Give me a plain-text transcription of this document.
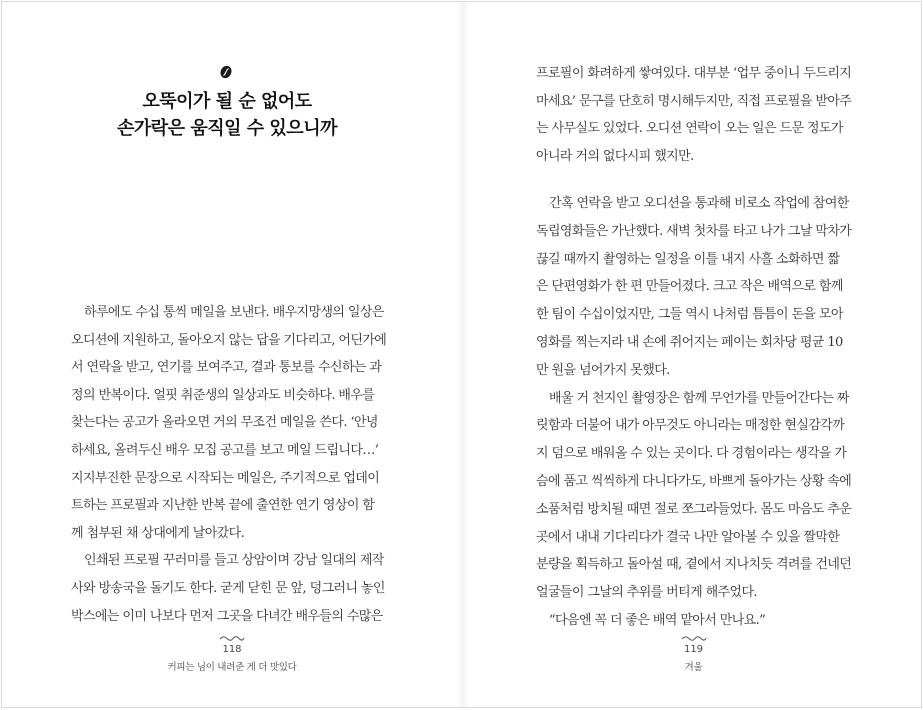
오뚝이가 될 순 없어도
손가락은 움직일 수 있으니까
하루에도 수십 통씩 메일을 보낸다. 배우지망생의 일상은
오디션에 지원하고, 돌아오지 않는 답을 기다리고, 어딘가에
서 연락을 받고, 연기를 보여주고, 결과 통보를 수신하는 과
정의 반복이다. 얼핏 취준생의 일상과도 비슷하다. 배우를
찾는다는 공고가 올라오면 거의 무조건 메일을 쓴다. ‘안녕
하세요, 올려두신 배우 모집 공고를 보고 메일 드립니다…’
지지부진한 문장으로 시작되는 메일은, 주기적으로 업데이
트하는 프로필과 지난한 반복 끝에 출연한 연기 영상이 함
께 첨부된 채 상대에게 날아갔다.
인쇄된 프로필 꾸러미를 들고 상암이며 강남 일대의 제작
사와 방송국을 돌기도 한다. 굳게 닫힌 문 앞, 덩그러니 놓인
박스에는 이미 나보다 먼저 그곳을 다녀간 배우들의 수많은
118
커피는 님이 내려준 게 더 맛있다
프로필이 화려하게 쌓여있다. 대부분 ‘업무 중이니 두드리지
마세요’ 문구를 단호히 명시해두지만, 직접 프로필을 받아주
는 사무실도 있었다. 오디션 연락이 오는 일은 드문 정도가
아니라 거의 없다시피 했지만.
간혹 연락을 받고 오디션을 통과해 비로소 작업에 참여한
독립영화들은 가난했다. 새벽 첫차를 타고 나가 그날 막차가
끊길 때까지 촬영하는 일정을 이틀 내지 사흘 소화하면 짧
은 단편영화가 한 편 만들어졌다. 크고 작은 배역으로 함께
한 팀이 수십이었지만, 그들 역시 나처럼 틈틈이 돈을 모아
영화를 찍는지라 내 손에 쥐어지는 페이는 회차당 평균 10
만 원을 넘어가지 못했다.
배울 거 천지인 촬영장은 함께 무언가를 만들어간다는 짜
릿함과 더불어 내가 아무것도 아니라는 매정한 현실감각까
지 덤으로 배워올 수 있는 곳이다. 다 경험이라는 생각을 가
슴에 품고 씩씩하게 다니다가도, 바쁘게 돌아가는 상황 속에
소품처럼 방치될 때면 절로 쪼그라들었다. 몸도 마음도 추운
곳에서 내내 기다리다가 결국 나만 알아볼 수 있을 짤막한
분량을 획득하고 돌아설 때, 곁에서 지나치듯 격려를 건네던
얼굴들이 그날의 추위를 버티게 해주었다.
“다음엔 꼭 더 좋은 배역 맡아서 만나요.”
119
겨울
